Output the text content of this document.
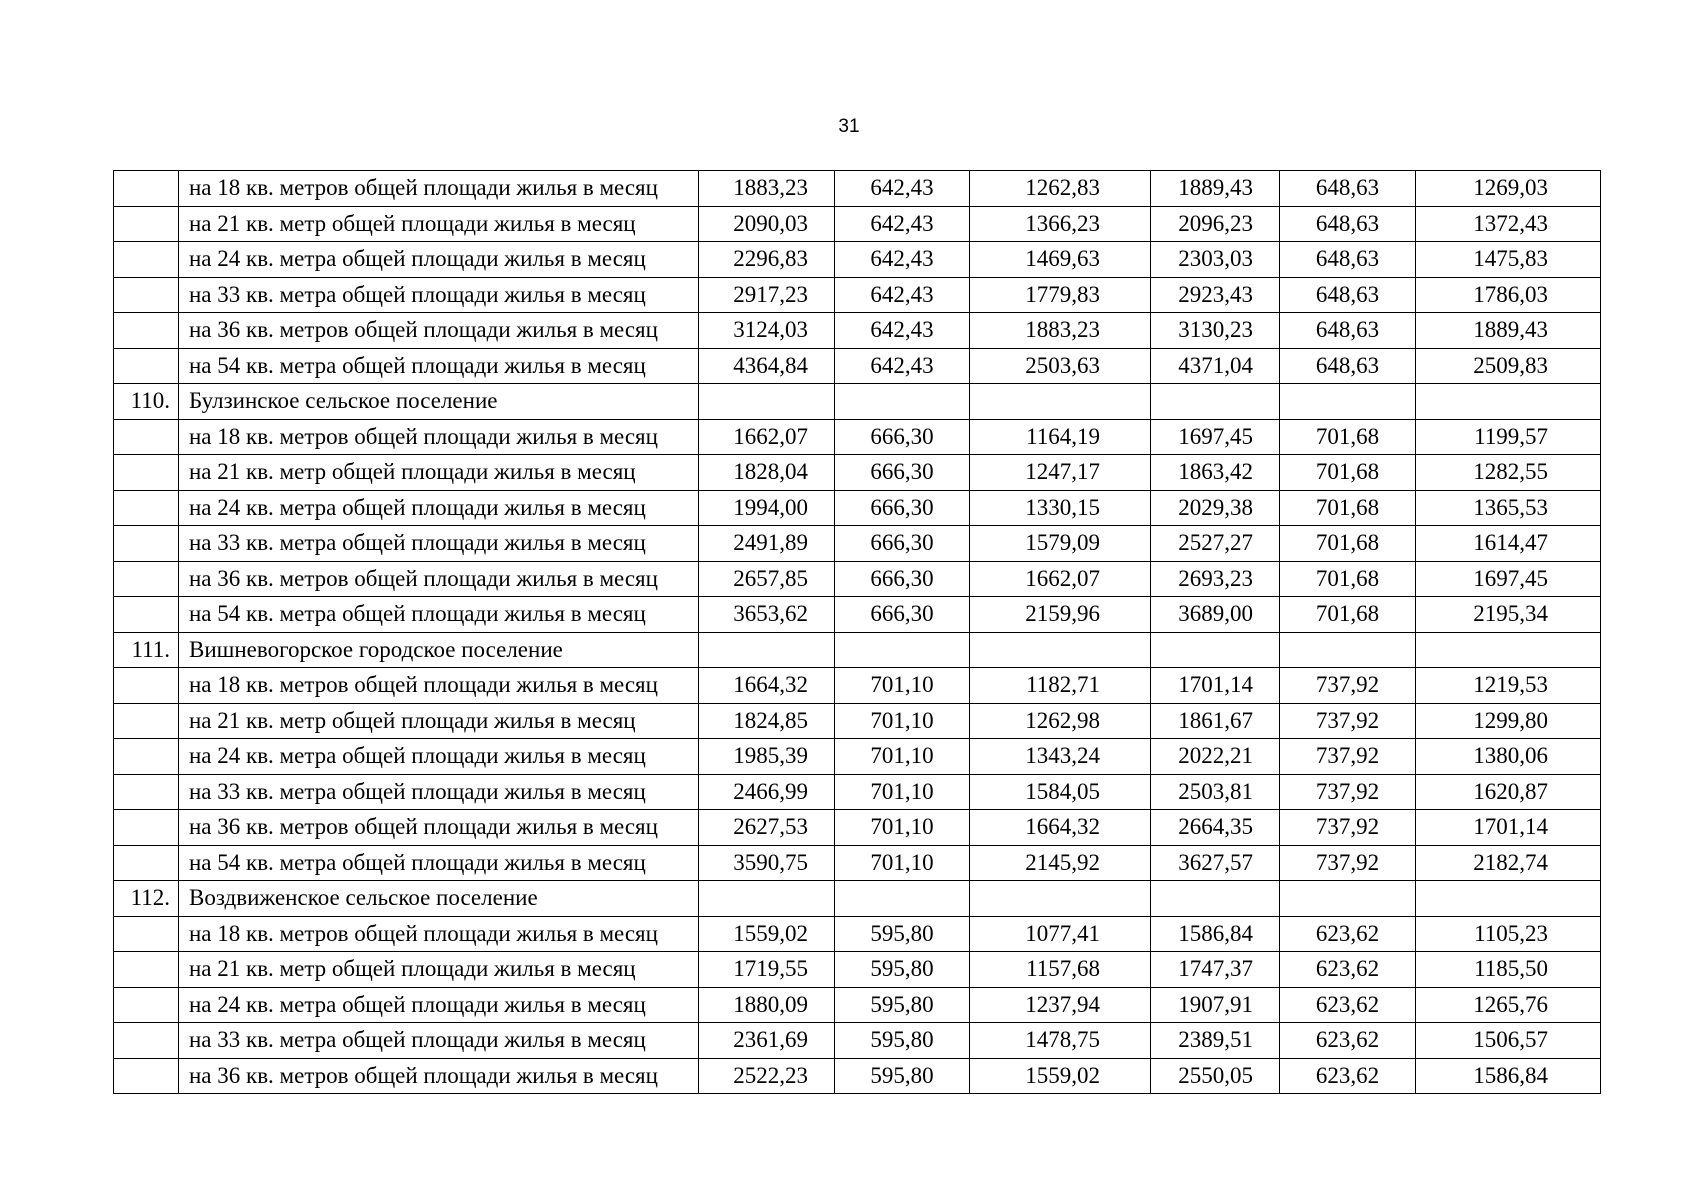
31
	на 18 кв. метров общей площади жилья в месяц	1883,23	642,43	1262,83	1889,43	648,63	1269,03
	на 21 кв. метр общей площади жилья в месяц	2090,03	642,43	1366,23	2096,23	648,63	1372,43
	на 24 кв. метра общей площади жилья в месяц	2296,83	642,43	1469,63	2303,03	648,63	1475,83
	на 33 кв. метра общей площади жилья в месяц	2917,23	642,43	1779,83	2923,43	648,63	1786,03
	на 36 кв. метров общей площади жилья в месяц	3124,03	642,43	1883,23	3130,23	648,63	1889,43
	на 54 кв. метра общей площади жилья в месяц	4364,84	642,43	2503,63	4371,04	648,63	2509,83
110.	Булзинское сельское поселение						
	на 18 кв. метров общей площади жилья в месяц	1662,07	666,30	1164,19	1697,45	701,68	1199,57
	на 21 кв. метр общей площади жилья в месяц	1828,04	666,30	1247,17	1863,42	701,68	1282,55
	на 24 кв. метра общей площади жилья в месяц	1994,00	666,30	1330,15	2029,38	701,68	1365,53
	на 33 кв. метра общей площади жилья в месяц	2491,89	666,30	1579,09	2527,27	701,68	1614,47
	на 36 кв. метров общей площади жилья в месяц	2657,85	666,30	1662,07	2693,23	701,68	1697,45
	на 54 кв. метра общей площади жилья в месяц	3653,62	666,30	2159,96	3689,00	701,68	2195,34
111.	Вишневогорское городское поселение						
	на 18 кв. метров общей площади жилья в месяц	1664,32	701,10	1182,71	1701,14	737,92	1219,53
	на 21 кв. метр общей площади жилья в месяц	1824,85	701,10	1262,98	1861,67	737,92	1299,80
	на 24 кв. метра общей площади жилья в месяц	1985,39	701,10	1343,24	2022,21	737,92	1380,06
	на 33 кв. метра общей площади жилья в месяц	2466,99	701,10	1584,05	2503,81	737,92	1620,87
	на 36 кв. метров общей площади жилья в месяц	2627,53	701,10	1664,32	2664,35	737,92	1701,14
	на 54 кв. метра общей площади жилья в месяц	3590,75	701,10	2145,92	3627,57	737,92	2182,74
112.	Воздвиженское сельское поселение						
	на 18 кв. метров общей площади жилья в месяц	1559,02	595,80	1077,41	1586,84	623,62	1105,23
	на 21 кв. метр общей площади жилья в месяц	1719,55	595,80	1157,68	1747,37	623,62	1185,50
	на 24 кв. метра общей площади жилья в месяц	1880,09	595,80	1237,94	1907,91	623,62	1265,76
	на 33 кв. метра общей площади жилья в месяц	2361,69	595,80	1478,75	2389,51	623,62	1506,57
	на 36 кв. метров общей площади жилья в месяц	2522,23	595,80	1559,02	2550,05	623,62	1586,84
